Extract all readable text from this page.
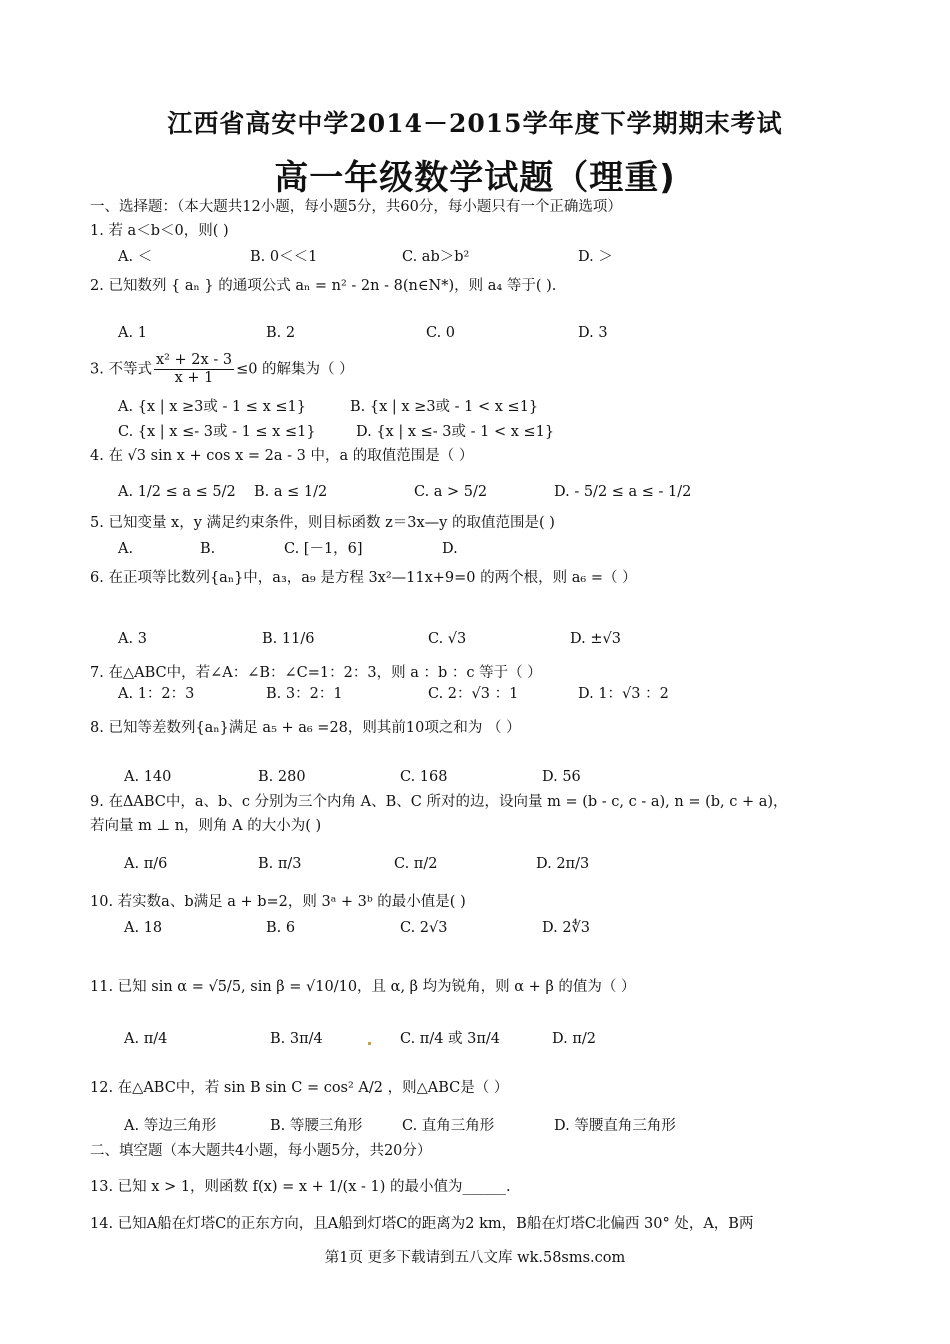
江西省高安中学2014－2015学年度下学期期末考试
高一年级数学试题（理重)
一、选择题：（本大题共12小题，每小题5分，共60分，每小题只有一个正确选项）
1. 若 a＜b＜0，则( )
A. ＜	B. 0＜＜1	C. ab＞b²	D. ＞
2. 已知数列 { aₙ } 的通项公式 aₙ = n² - 2n - 8(n∈N*)，则 a₄ 等于( ).
A. 1	B. 2	C. 0	D. 3
3. 不等式 $\frac{\text{x² + 2x - 3}}{x + 1} \le 0$ 的解集为（ ）
A. {x | x ≥3或 - 1 ≤ x ≤1}	B. {x | x ≥3或 - 1 < x ≤1}
C. {x | x ≤- 3或 - 1 ≤ x ≤1}	D. {x | x ≤- 3或 - 1 < x ≤1}
4. 在 √3 sin x + cos x = 2a - 3 中，a 的取值范围是（ ）
A. 1/2 ≤ a ≤ 5/2 B. a ≤ 1/2	C. a > 5/2	D. - 5/2 ≤ a ≤ - 1/2
5. 已知变量 x，y 满足约束条件，则目标函数 z＝3x—y 的取值范围是( )
A.	B.	C. [－1，6]	D.
6. 在正项等比数列{aₙ}中，a₃，a₉ 是方程 3x²—11x+9=0 的两个根，则 a₆ =（ ）
A. 3	B. 11/6	C. √3	D. ±√3
7. 在△ABC中，若∠A：∠B：∠C=1：2：3，则 a ：b ：c 等于（ ）
A. 1：2：3	B. 3：2：1	C. 2：√3 ：1	D. 1：√3 ：2
8. 已知等差数列{aₙ}满足 a₅ + a₆ =28，则其前10项之和为 （ ）
A. 140	B. 280	C. 168	D. 56
9. 在ΔABC中，a、b、c 分别为三个内角 A、B、C 所对的边，设向量 m = (b - c, c - a), n = (b, c + a)，
若向量 m ⊥ n，则角 A 的大小为( )
A. π/6	B. π/3	C. π/2	D. 2π/3
10. 若实数a、b满足 a + b=2，则 3ᵃ + 3ᵇ 的最小值是( )
A. 18	B. 6	C. 2√3	D. 2∜3
11. 已知 sin α = √5/5, sin β = √10/10，且 α, β 均为锐角，则 α + β 的值为（ ）
A. π/4	B. 3π/4	C. π/4 或 3π/4	D. π/2
12. 在△ABC中，若 sin B sin C = cos² A/2 ，则△ABC是（ ）
A. 等边三角形	B. 等腰三角形	C. 直角三角形	D. 等腰直角三角形
二、填空题（本大题共4小题，每小题5分，共20分）
13. 已知 x > 1，则函数 f(x) = x + 1/(x - 1) 的最小值为______.
14. 已知A船在灯塔C的正东方向，且A船到灯塔C的距离为2 km，B船在灯塔C北偏西 30° 处，A，B两
第1页 更多下载请到五八文库 wk.58sms.com
